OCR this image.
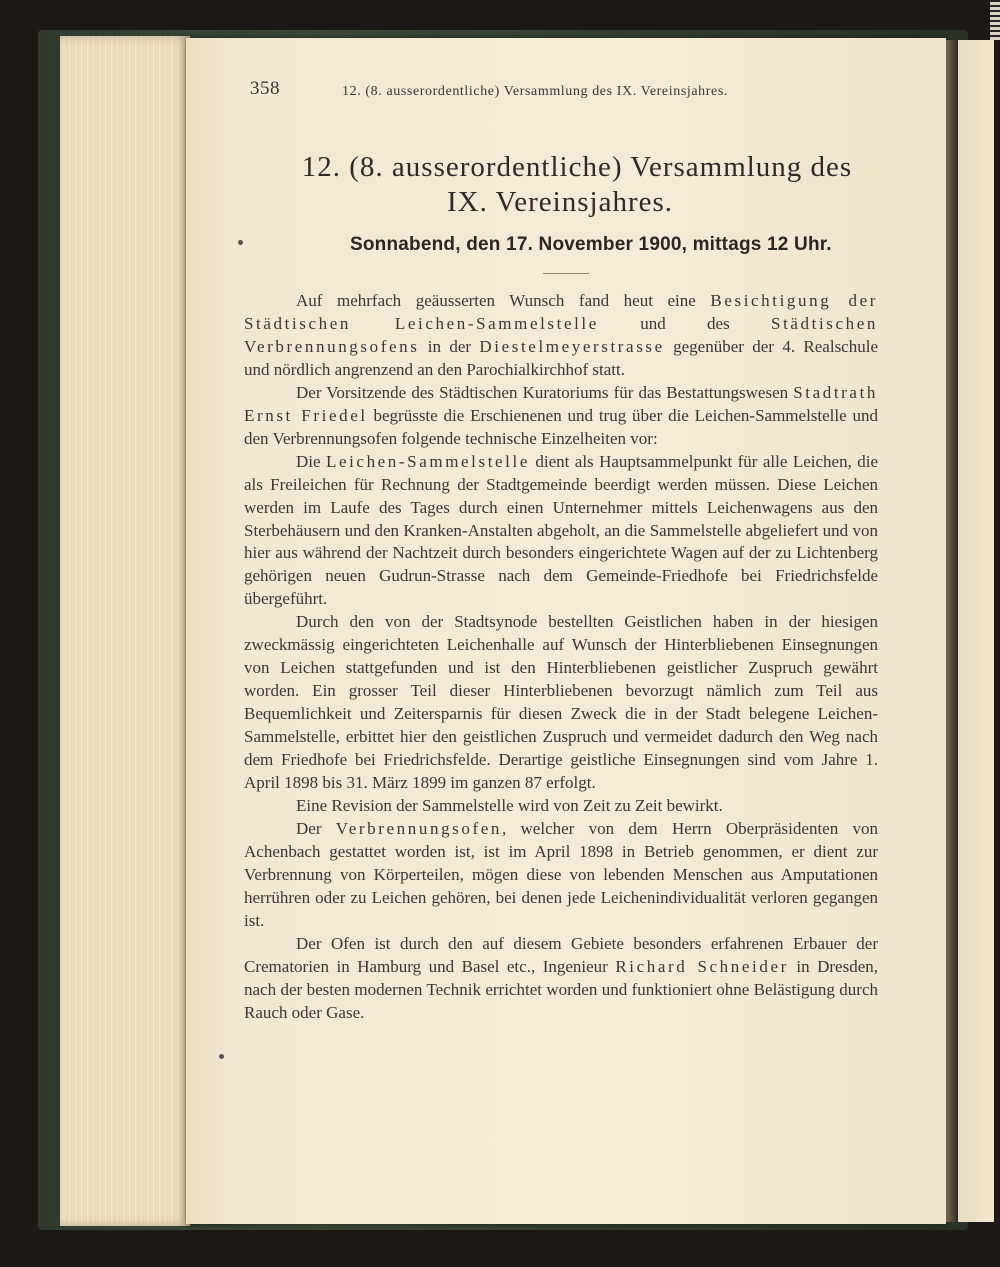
358	12. (8. ausserordentliche) Versammlung des IX. Vereinsjahres.
12. (8. ausserordentliche) Versammlung des
IX. Vereinsjahres.
Sonnabend, den 17. November 1900, mittags 12 Uhr.

Auf mehrfach geäusserten Wunsch fand heut eine Besichtigung der Städtischen Leichen-Sammelstelle und des Städtischen Verbrennungsofens in der Diestelmeyerstrasse gegenüber der 4. Realschule und nördlich angrenzend an den Parochialkirchhof statt.

Der Vorsitzende des Städtischen Kuratoriums für das Bestattungswesen Stadtrath Ernst Friedel begrüsste die Erschienenen und trug über die Leichen-Sammelstelle und den Verbrennungsofen folgende technische Einzelheiten vor:

Die Leichen-Sammelstelle dient als Hauptsammelpunkt für alle Leichen, die als Freileichen für Rechnung der Stadtgemeinde beerdigt werden müssen. Diese Leichen werden im Laufe des Tages durch einen Unternehmer mittels Leichenwagens aus den Sterbehäusern und den Kranken-Anstalten abgeholt, an die Sammelstelle abgeliefert und von hier aus während der Nachtzeit durch besonders eingerichtete Wagen auf der zu Lichtenberg gehörigen neuen Gudrun-Strasse nach dem Gemeinde-Friedhofe bei Friedrichsfelde übergeführt.

Durch den von der Stadtsynode bestellten Geistlichen haben in der hiesigen zweckmässig eingerichteten Leichenhalle auf Wunsch der Hinterbliebenen Einsegnungen von Leichen stattgefunden und ist den Hinterbliebenen geistlicher Zuspruch gewährt worden. Ein grosser Teil dieser Hinterbliebenen bevorzugt nämlich zum Teil aus Bequemlichkeit und Zeitersparnis für diesen Zweck die in der Stadt belegene Leichen-Sammelstelle, erbittet hier den geistlichen Zuspruch und vermeidet dadurch den Weg nach dem Friedhofe bei Friedrichsfelde. Derartige geistliche Einsegnungen sind vom Jahre 1. April 1898 bis 31. März 1899 im ganzen 87 erfolgt.

Eine Revision der Sammelstelle wird von Zeit zu Zeit bewirkt.

Der Verbrennungsofen, welcher von dem Herrn Oberpräsidenten von Achenbach gestattet worden ist, ist im April 1898 in Betrieb genommen, er dient zur Verbrennung von Körperteilen, mögen diese von lebenden Menschen aus Amputationen herrühren oder zu Leichen gehören, bei denen jede Leichenindividualität verloren gegangen ist.

Der Ofen ist durch den auf diesem Gebiete besonders erfahrenen Erbauer der Crematorien in Hamburg und Basel etc., Ingenieur Richard Schneider in Dresden, nach der besten modernen Technik errichtet worden und funktioniert ohne Belästigung durch Rauch oder Gase.
